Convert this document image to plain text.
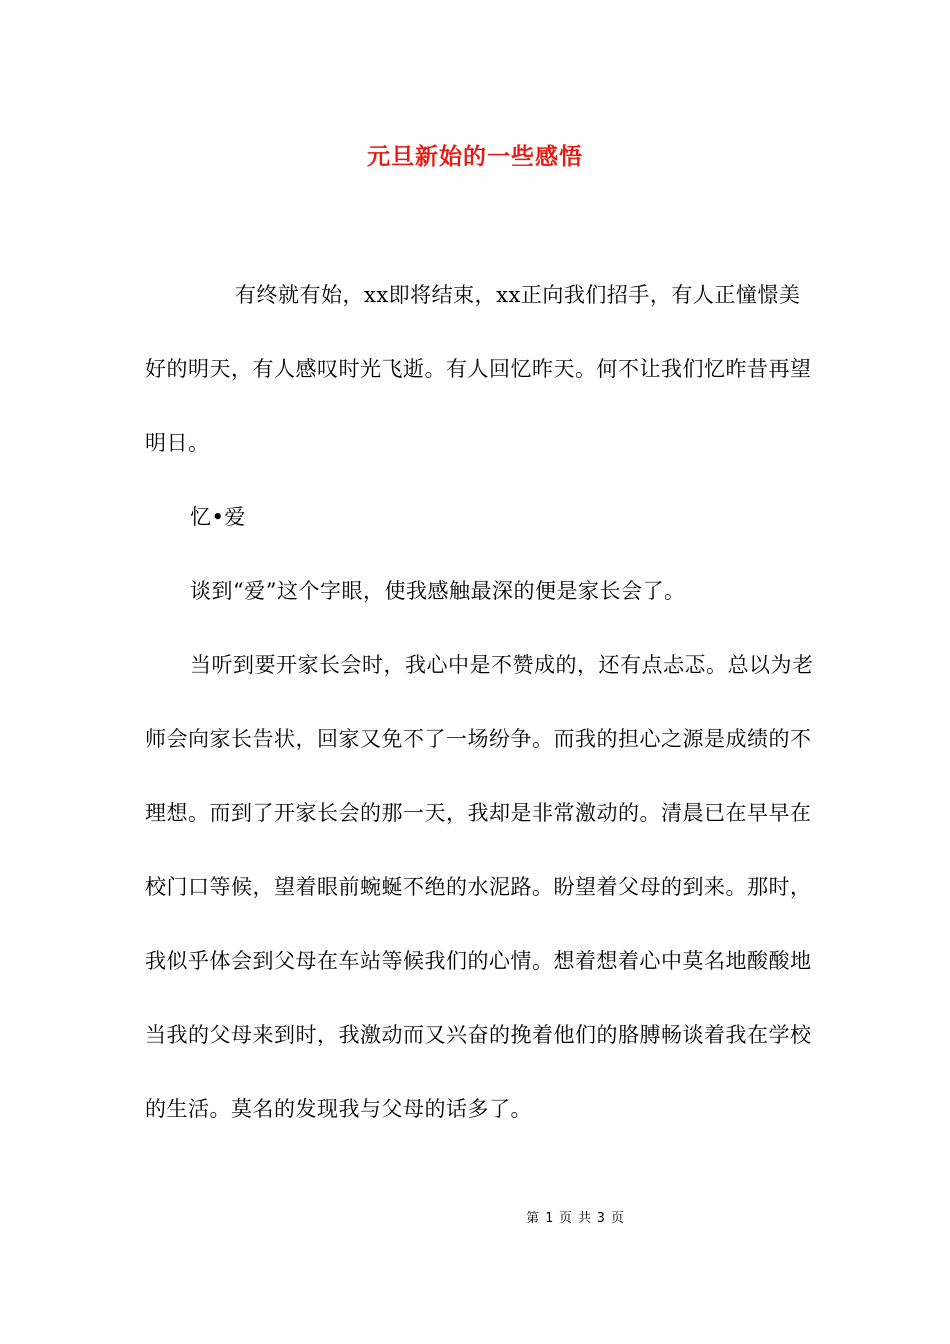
元旦新始的一些感悟
有终就有始，xx即将结束，xx正向我们招手，有人正憧憬美好的明天，有人感叹时光飞逝。有人回忆昨天。何不让我们忆昨昔再望明日。
忆•爱
谈到“爱”这个字眼，使我感触最深的便是家长会了。
当听到要开家长会时，我心中是不赞成的，还有点忐忑。总以为老师会向家长告状，回家又免不了一场纷争。而我的担心之源是成绩的不理想。而到了开家长会的那一天，我却是非常激动的。清晨已在早早在校门口等候，望着眼前蜿蜒不绝的水泥路。盼望着父母的到来。那时，我似乎体会到父母在车站等候我们的心情。想着想着心中莫名地酸酸地当我的父母来到时，我激动而又兴奋的挽着他们的胳膊畅谈着我在学校的生活。莫名的发现我与父母的话多了。
第 1 页 共 3 页
